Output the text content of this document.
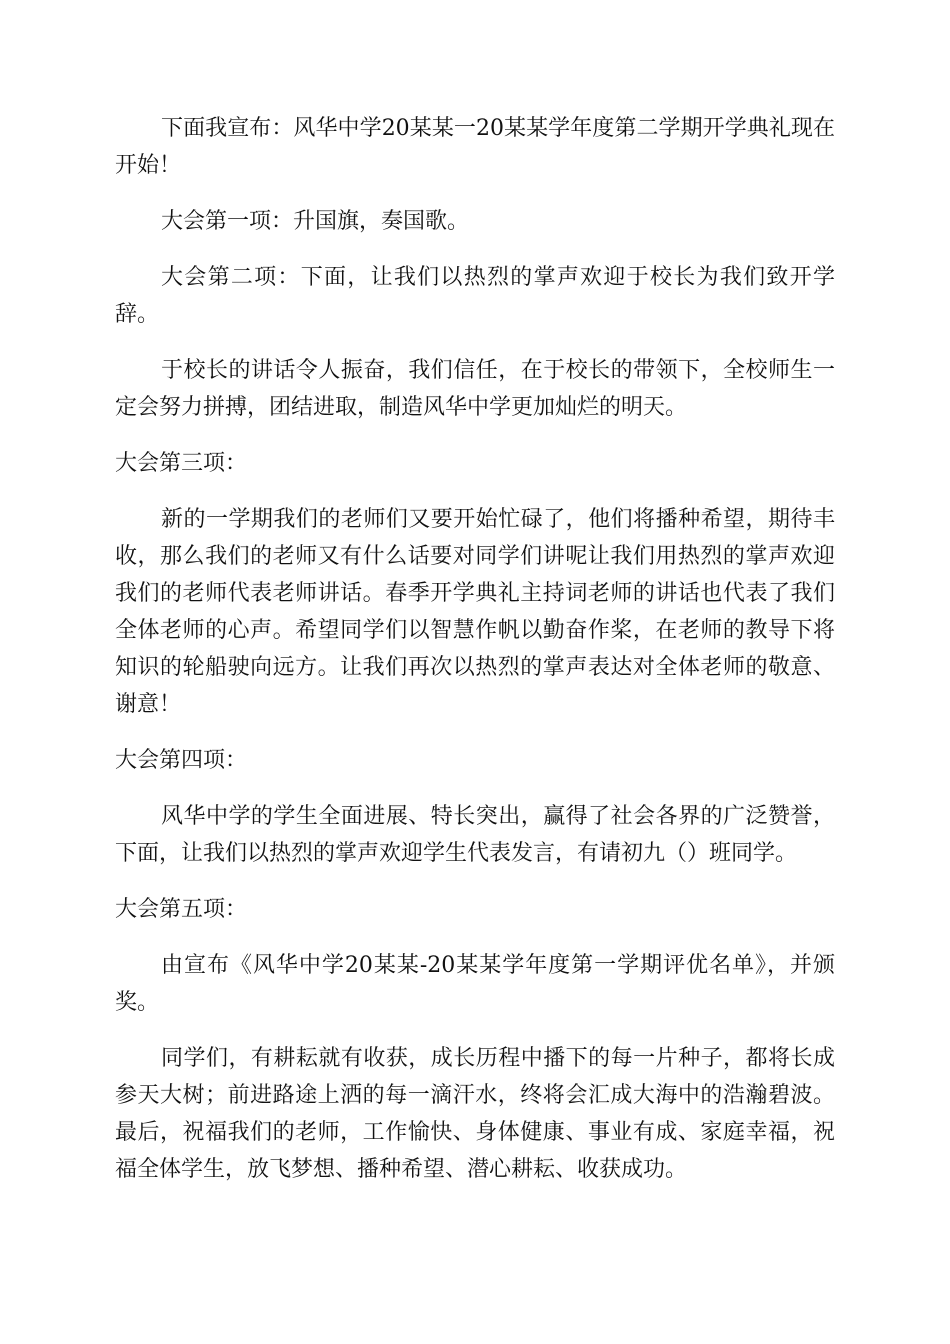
下面我宣布：风华中学20某某一20某某学年度第二学期开学典礼现在开始！

大会第一项：升国旗，奏国歌。

大会第二项：下面，让我们以热烈的掌声欢迎于校长为我们致开学辞。

于校长的讲话令人振奋，我们信任，在于校长的带领下，全校师生一定会努力拼搏，团结进取，制造风华中学更加灿烂的明天。

大会第三项：

新的一学期我们的老师们又要开始忙碌了，他们将播种希望，期待丰收，那么我们的老师又有什么话要对同学们讲呢让我们用热烈的掌声欢迎我们的老师代表老师讲话。春季开学典礼主持词老师的讲话也代表了我们全体老师的心声。希望同学们以智慧作帆以勤奋作桨，在老师的教导下将知识的轮船驶向远方。让我们再次以热烈的掌声表达对全体老师的敬意、谢意！

大会第四项：

风华中学的学生全面进展、特长突出，赢得了社会各界的广泛赞誉，下面，让我们以热烈的掌声欢迎学生代表发言，有请初九（）班同学。

大会第五项：

由宣布《风华中学20某某-20某某学年度第一学期评优名单》，并颁奖。

同学们，有耕耘就有收获，成长历程中播下的每一片种子，都将长成参天大树；前进路途上洒的每一滴汗水，终将会汇成大海中的浩瀚碧波。最后，祝福我们的老师，工作愉快、身体健康、事业有成、家庭幸福，祝福全体学生，放飞梦想、播种希望、潜心耕耘、收获成功。
